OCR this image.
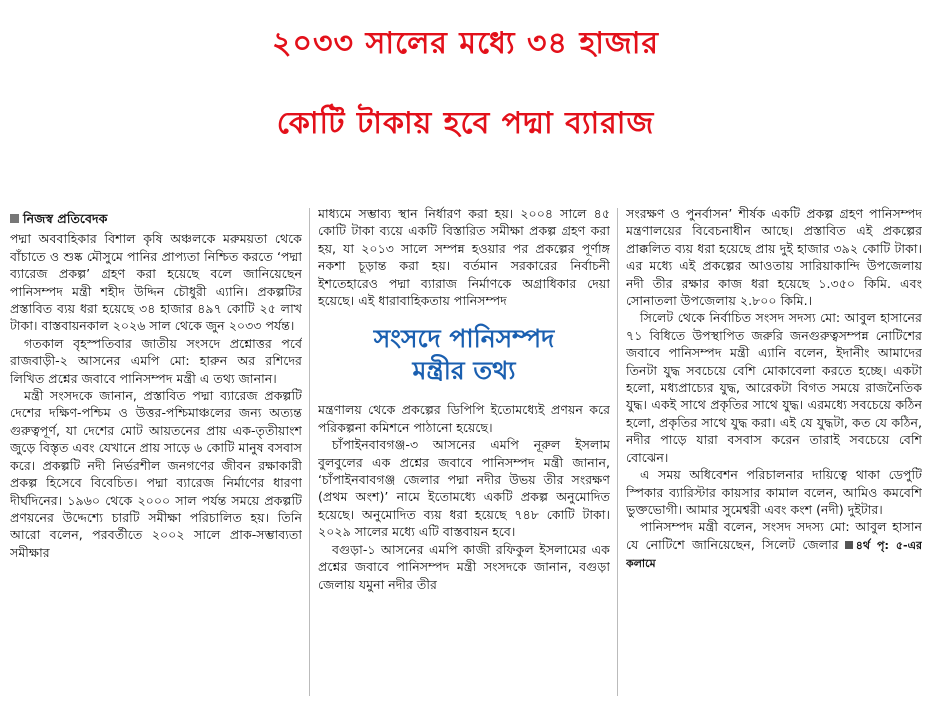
২০৩৩ সালের মধ্যে ৩৪ হাজার
কোটি টাকায় হবে পদ্মা ব্যারাজ
নিজস্ব প্রতিবেদক

পদ্মা অববাহিকার বিশাল কৃষি অঞ্চলকে মরুময়তা থেকে বাঁচাতে ও শুষ্ক মৌসুমে পানির প্রাপ্যতা নিশ্চিত করতে ‘পদ্মা ব্যারেজ প্রকল্প’ গ্রহণ করা হয়েছে বলে জানিয়েছেন পানিসম্পদ মন্ত্রী শহীদ উদ্দিন চৌধুরী এ্যানি। প্রকল্পটির প্রস্তাবিত ব্যয় ধরা হয়েছে ৩৪ হাজার ৪৯৭ কোটি ২৫ লাখ টাকা। বাস্তবায়নকাল ২০২৬ সাল থেকে জুন ২০৩৩ পর্যন্ত।

গতকাল বৃহস্পতিবার জাতীয় সংসদে প্রশ্নোত্তর পর্বে রাজবাড়ী-২ আসনের এমপি মো: হারুন অর রশিদের লিখিত প্রশ্নের জবাবে পানিসম্পদ মন্ত্রী এ তথ্য জানান।

মন্ত্রী সংসদকে জানান, প্রস্তাবিত পদ্মা ব্যারেজ প্রকল্পটি দেশের দক্ষিণ-পশ্চিম ও উত্তর-পশ্চিমাঞ্চলের জন্য অত্যন্ত গুরুত্বপূর্ণ, যা দেশের মোট আয়তনের প্রায় এক-তৃতীয়াংশ জুড়ে বিস্তৃত এবং যেখানে প্রায় সাড়ে ৬ কোটি মানুষ বসবাস করে। প্রকল্পটি নদী নির্ভরশীল জনগণের জীবন রক্ষাকারী প্রকল্প হিসেবে বিবেচিত। পদ্মা ব্যারেজ নির্মাণের ধারণা দীর্ঘদিনের। ১৯৬০ থেকে ২০০০ সাল পর্যন্ত সময়ে প্রকল্পটি প্রণয়নের উদ্দেশ্যে চারটি সমীক্ষা পরিচালিত হয়। তিনি আরো বলেন, পরবর্তীতে ২০০২ সালে প্রাক-সম্ভাব্যতা সমীক্ষার

মাধ্যমে সম্ভাব্য স্থান নির্ধারণ করা হয়। ২০০৪ সালে ৪৫ কোটি টাকা ব্যয়ে একটি বিস্তারিত সমীক্ষা প্রকল্প গ্রহণ করা হয়, যা ২০১৩ সালে সম্পন্ন হওয়ার পর প্রকল্পের পূর্ণাঙ্গ নকশা চূড়ান্ত করা হয়। বর্তমান সরকারের নির্বাচনী ইশতেহারেও পদ্মা ব্যারাজ নির্মাণকে অগ্রাধিকার দেয়া হয়েছে। এই ধারাবাহিকতায় পানিসম্পদ

সংসদে পানিসম্পদ
মন্ত্রীর তথ্য

মন্ত্রণালয় থেকে প্রকল্পের ডিপিপি ইতোমধ্যেই প্রণয়ন করে পরিকল্পনা কমিশনে পাঠানো হয়েছে।

চাঁপাইনবাবগঞ্জ-৩ আসনের এমপি নূরুল ইসলাম বুলবুলের এক প্রশ্নের জবাবে পানিসম্পদ মন্ত্রী জানান, ‘চাঁপাইনবাবগঞ্জ জেলার পদ্মা নদীর উভয় তীর সংরক্ষণ (প্রথম অংশ)’ নামে ইতোমধ্যে একটি প্রকল্প অনুমোদিত হয়েছে। অনুমোদিত ব্যয় ধরা হয়েছে ৭৪৮ কোটি টাকা। ২০২৯ সালের মধ্যে এটি বাস্তবায়ন হবে।

বগুড়া-১ আসনের এমপি কাজী রফিকুল ইসলামের এক প্রশ্নের জবাবে পানিসম্পদ মন্ত্রী সংসদকে জানান, বগুড়া জেলায় যমুনা নদীর তীর

সংরক্ষণ ও পুনর্বাসন’ শীর্ষক একটি প্রকল্প গ্রহণ পানিসম্পদ মন্ত্রণালয়ের বিবেচনাধীন আছে। প্রস্তাবিত এই প্রকল্পের প্রাক্কলিত ব্যয় ধরা হয়েছে প্রায় দুই হাজার ৩৯২ কোটি টাকা। এর মধ্যে এই প্রকল্পের আওতায় সারিয়াকান্দি উপজেলায় নদী তীর রক্ষার কাজ ধরা হয়েছে ১.৩৫০ কিমি. এবং সোনাতলা উপজেলায় ২.৮০০ কিমি.।

সিলেট থেকে নির্বাচিত সংসদ সদস্য মো: আবুল হাসানের ৭১ বিধিতে উপস্থাপিত জরুরি জনগুরুত্বসম্পন্ন নোটিশের জবাবে পানিসম্পদ মন্ত্রী এ্যানি বলেন, ইদানীং আমাদের তিনটা যুদ্ধ সবচেয়ে বেশি মোকাবেলা করতে হচ্ছে। একটা হলো, মধ্যপ্রাচ্যের যুদ্ধ, আরেকটা বিগত সময়ে রাজনৈতিক যুদ্ধ। একই সাথে প্রকৃতির সাথে যুদ্ধ। এরমধ্যে সবচেয়ে কঠিন হলো, প্রকৃতির সাথে যুদ্ধ করা। এই যে যুদ্ধটা, কত যে কঠিন, নদীর পাড়ে যারা বসবাস করেন তারাই সবচেয়ে বেশি বোঝেন।

এ সময় অধিবেশন পরিচালনার দায়িত্বে থাকা ডেপুটি স্পিকার ব্যারিস্টার কায়সার কামাল বলেন, আমিও কমবেশি ভুক্তভোগী। আমার সুমেশ্বরী এবং কংশ (নদী) দুইটার।

পানিসম্পদ মন্ত্রী বলেন, সংসদ সদস্য মো: আবুল হাসান যে নোটিশে জানিয়েছেন, সিলেট জেলার ৪র্থ পৃ: ৫-এর কলামে
